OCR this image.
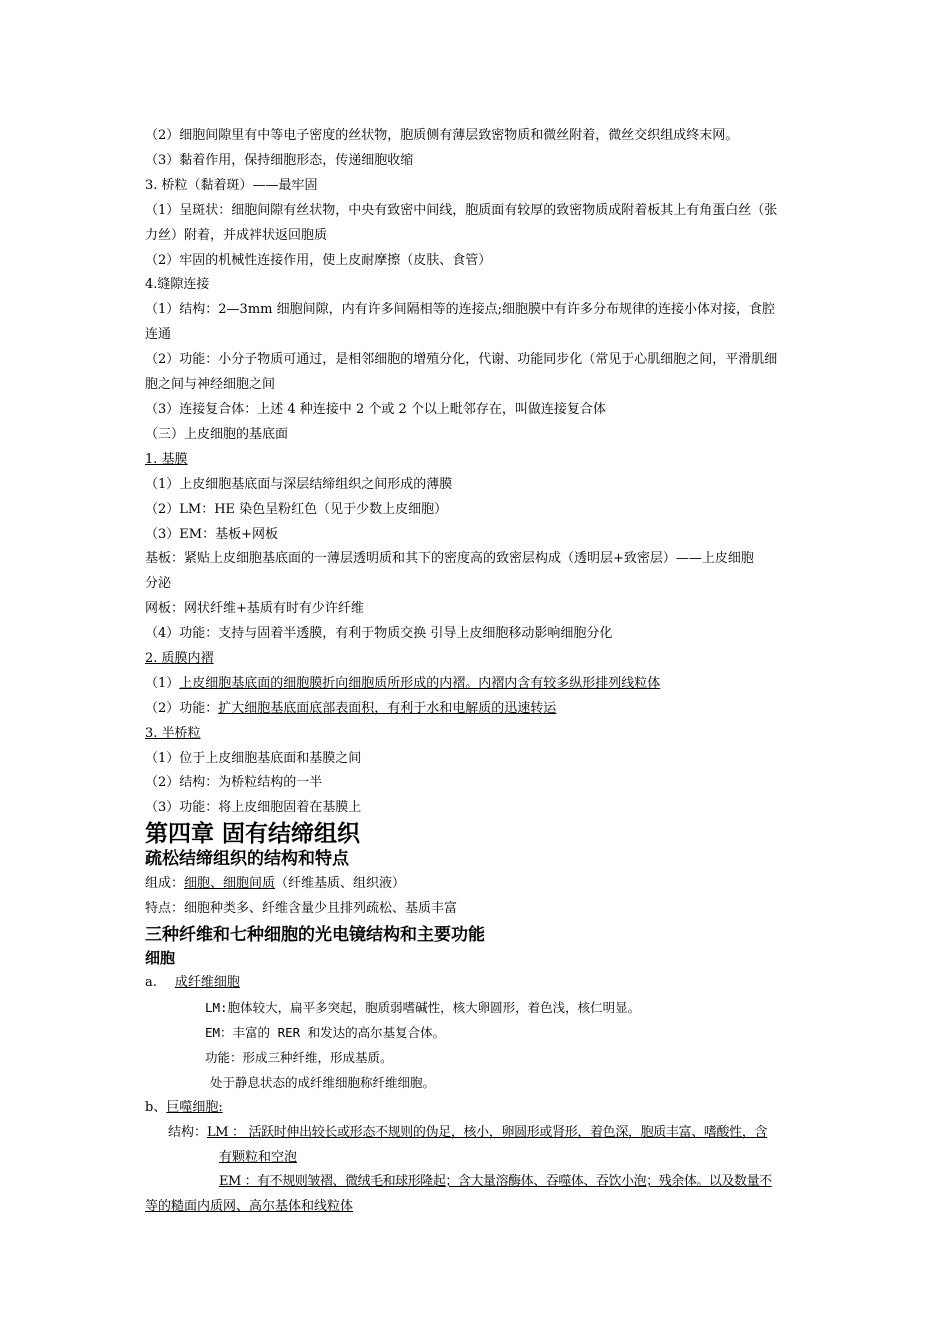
（2）细胞间隙里有中等电子密度的丝状物，胞质侧有薄层致密物质和微丝附着，微丝交织组成终末网。
（3）黏着作用，保持细胞形态，传递细胞收缩
3. 桥粒（黏着斑）——最牢固
（1）呈斑状：细胞间隙有丝状物，中央有致密中间线，胞质面有较厚的致密物质成附着板其上有角蛋白丝（张
力丝）附着，并成袢状返回胞质
（2）牢固的机械性连接作用，使上皮耐摩擦（皮肤、食管）
4.缝隙连接
（1）结构：2—3mm 细胞间隙，内有许多间隔相等的连接点;细胞膜中有许多分布规律的连接小体对接，食腔
连通
（2）功能：小分子物质可通过，是相邻细胞的增殖分化，代谢、功能同步化（常见于心肌细胞之间，平滑肌细
胞之间与神经细胞之间
（3）连接复合体：上述 4 种连接中 2 个或 2 个以上毗邻存在，叫做连接复合体
（三）上皮细胞的基底面
1. 基膜
（1）上皮细胞基底面与深层结缔组织之间形成的薄膜
（2）LM：HE 染色呈粉红色（见于少数上皮细胞）
（3）EM：基板+网板
基板：紧贴上皮细胞基底面的一薄层透明质和其下的密度高的致密层构成（透明层+致密层）——上皮细胞
分泌
网板：网状纤维+基质有时有少许纤维
（4）功能：支持与固着半透膜，有利于物质交换 引导上皮细胞移动影响细胞分化
2. 质膜内褶
（1）上皮细胞基底面的细胞膜折向细胞质所形成的内褶。内褶内含有较多纵形排列线粒体
（2）功能：扩大细胞基底面底部表面积，有利于水和电解质的迅速转运
3. 半桥粒
（1）位于上皮细胞基底面和基膜之间
（2）结构：为桥粒结构的一半
（3）功能：将上皮细胞固着在基膜上
第四章 固有结缔组织
疏松结缔组织的结构和特点
组成：细胞、细胞间质（纤维基质、组织液）
特点：细胞种类多、纤维含量少且排列疏松、基质丰富
三种纤维和七种细胞的光电镜结构和主要功能
细胞
a. 成纤维细胞
LM:胞体较大，扁平多突起，胞质弱嗜碱性，核大卵圆形，着色浅，核仁明显。
EM：丰富的 RER 和发达的高尔基复合体。
功能：形成三种纤维，形成基质。
处于静息状态的成纤维细胞称纤维细胞。
b、巨噬细胞:
结构：LM ： 活跃时伸出较长或形态不规则的伪足，核小，卵圆形或肾形，着色深，胞质丰富、嗜酸性，含
有颗粒和空泡
EM ：有不规则皱褶、微绒毛和球形隆起；含大量溶酶体、吞噬体、吞饮小泡；残余体。以及数量不
等的糙面内质网、高尔基体和线粒体
